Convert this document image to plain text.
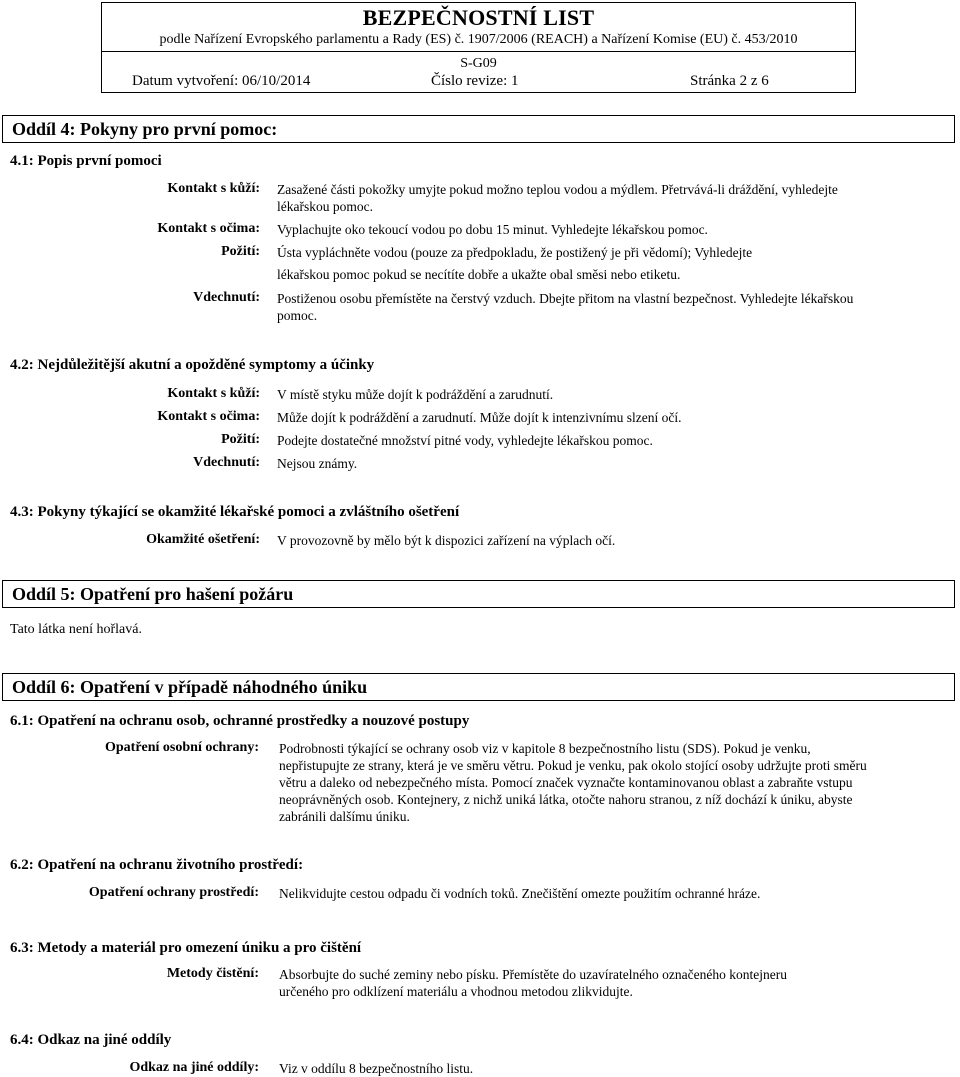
BEZPEČNOSTNÍ LIST
podle Nařízení Evropského parlamentu a Rady (ES) č. 1907/2006 (REACH) a Nařízení Komise (EU) č. 453/2010
S-G09
Datum vytvoření: 06/10/2014	Číslo revize: 1	Stránka 2 z 6
Oddíl 4: Pokyny pro první pomoc:
4.1: Popis první pomoci
Kontakt s kůží: Zasažené části pokožky umyjte pokud možno teplou vodou a mýdlem. Přetrvává-li dráždění, vyhledejte lékařskou pomoc.
Kontakt s očima: Vyplachujte oko tekoucí vodou po dobu 15 minut. Vyhledejte lékařskou pomoc.
Požití: Ústa vypláchněte vodou (pouze za předpokladu, že postižený je při vědomí); Vyhledejte
lékařskou pomoc pokud se necítíte dobře a ukažte obal směsi nebo etiketu.
Vdechnutí: Postiženou osobu přemístěte na čerstvý vzduch. Dbejte přitom na vlastní bezpečnost. Vyhledejte lékařskou pomoc.
4.2: Nejdůležitější akutní a opožděné symptomy a účinky
Kontakt s kůží: V místě styku může dojít k podráždění a zarudnutí.
Kontakt s očima: Může dojít k podráždění a zarudnutí. Může dojít k intenzivnímu slzení očí.
Požití: Podejte dostatečné množství pitné vody, vyhledejte lékařskou pomoc.
Vdechnutí: Nejsou známy.
4.3: Pokyny týkající se okamžité lékařské pomoci a zvláštního ošetření
Okamžité ošetření: V provozovně by mělo být k dispozici zařízení na výplach očí.
Oddíl 5: Opatření pro hašení požáru
Tato látka není hořlavá.
Oddíl 6: Opatření v případě náhodného úniku
6.1: Opatření na ochranu osob, ochranné prostředky a nouzové postupy
Opatření osobní ochrany: Podrobnosti týkající se ochrany osob viz v kapitole 8 bezpečnostního listu (SDS). Pokud je venku, nepřistupujte ze strany, která je ve směru větru. Pokud je venku, pak okolo stojící osoby udržujte proti směru větru a daleko od nebezpečného místa. Pomocí značek vyznačte kontaminovanou oblast a zabraňte vstupu neoprávněných osob. Kontejnery, z nichž uniká látka, otočte nahoru stranou, z níž dochází k úniku, abyste zabránili dalšímu úniku.
6.2: Opatření na ochranu životního prostředí:
Opatření ochrany prostředí: Nelikvidujte cestou odpadu či vodních toků. Znečištění omezte použitím ochranné hráze.
6.3: Metody a materiál pro omezení úniku a pro čištění
Metody čistění: Absorbujte do suché zeminy nebo písku. Přemístěte do uzavíratelného označeného kontejneru určeného pro odklízení materiálu a vhodnou metodou zlikvidujte.
6.4: Odkaz na jiné oddíly
Odkaz na jiné oddíly: Viz v oddílu 8 bezpečnostního listu.
